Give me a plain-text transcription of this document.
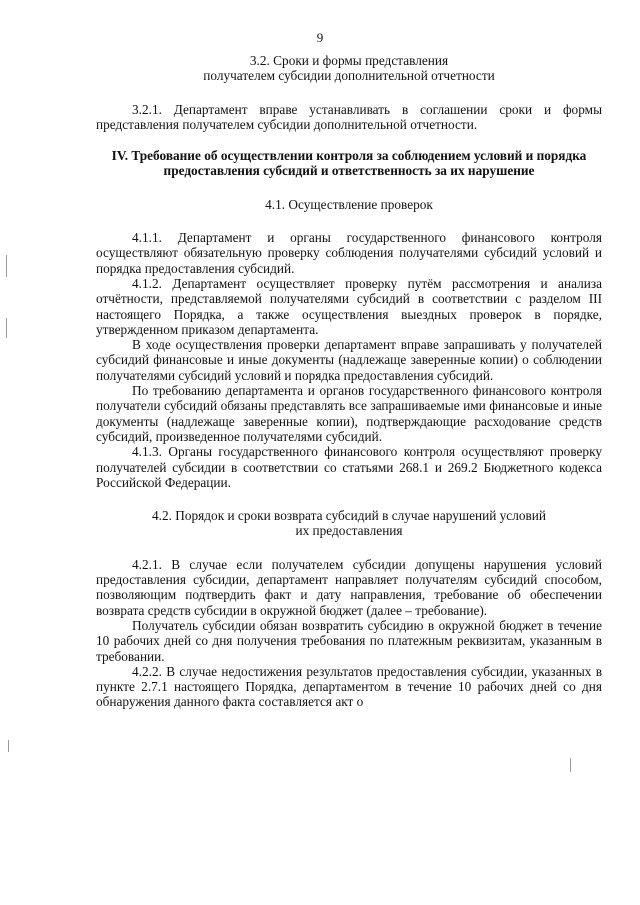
9
3.2. Сроки и формы представления
получателем субсидии дополнительной отчетности

3.2.1. Департамент вправе устанавливать в соглашении сроки и формы представления получателем субсидии дополнительной отчетности.

IV. Требование об осуществлении контроля за соблюдением условий и порядка предоставления субсидий и ответственность за их нарушение
4.1. Осуществление проверок

4.1.1. Департамент и органы государственного финансового контроля осуществляют обязательную проверку соблюдения получателями субсидий условий и порядка предоставления субсидий.

4.1.2. Департамент осуществляет проверку путём рассмотрения и анализа отчётности, представляемой получателями субсидий в соответствии с разделом III настоящего Порядка, а также осуществления выездных проверок в порядке, утвержденном приказом департамента.

В ходе осуществления проверки департамент вправе запрашивать у получателей субсидий финансовые и иные документы (надлежаще заверенные копии) о соблюдении получателями субсидий условий и порядка предоставления субсидий.

По требованию департамента и органов государственного финансового контроля получатели субсидий обязаны представлять все запрашиваемые ими финансовые и иные документы (надлежаще заверенные копии), подтверждающие расходование средств субсидий, произведенное получателями субсидий.

4.1.3. Органы государственного финансового контроля осуществляют проверку получателей субсидии в соответствии со статьями 268.1 и 269.2 Бюджетного кодекса Российской Федерации.

4.2. Порядок и сроки возврата субсидий в случае нарушений условий
их предоставления

4.2.1. В случае если получателем субсидии допущены нарушения условий предоставления субсидии, департамент направляет получателям субсидий способом, позволяющим подтвердить факт и дату направления, требование об обеспечении возврата средств субсидии в окружной бюджет (далее – требование).

Получатель субсидии обязан возвратить субсидию в окружной бюджет в течение 10 рабочих дней со дня получения требования по платежным реквизитам, указанным в требовании.

4.2.2. В случае недостижения результатов предоставления субсидии, указанных в пункте 2.7.1 настоящего Порядка, департаментом в течение 10 рабочих дней со дня обнаружения данного факта составляется акт о
